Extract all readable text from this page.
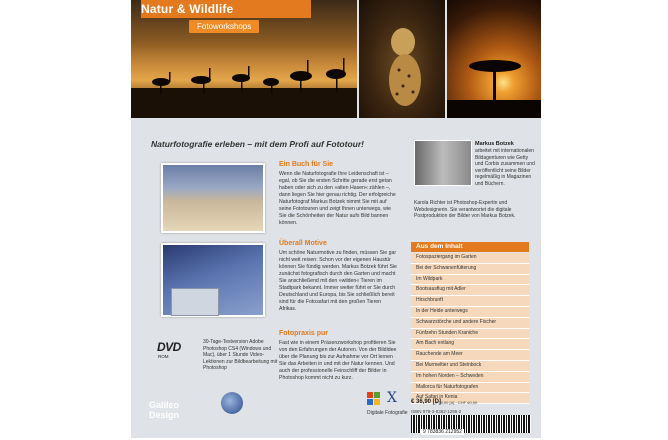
Natur & Wildlife
Fotoworkshops
Naturfotografie erleben – mit dem Profi auf Fototour!
Ein Buch für Sie

Wenn die Naturfotografie Ihre Leidenschaft ist – egal, ob Sie die ersten Schritte gerade erst getan haben oder sich zu den »alten Hasen« zählen –, dann liegen Sie hier genau richtig. Der erfolgreiche Naturfotograf Markus Botzek nimmt Sie mit auf seine Fototouren und zeigt Ihnen unterwegs, wie Sie die Schönheiten der Natur aufs Bild bannen können.

Überall Motive

Um schöne Naturmotive zu finden, müssen Sie gar nicht weit reisen: Schon vor der eigenen Haustür können Sie fündig werden. Markus Botzek führt Sie zunächst fotografisch durch den Garten und macht Sie anschließend mit den »wilden« Tieren im Stadtpark bekannt. Immer weiter führt er Sie durch Deutschland und Europa, bis Sie schließlich bereit sind für die Fotosafari mit den großen Tieren Afrikas.

Fotopraxis pur

Fast wie in einem Präsenzworkshop profitieren Sie von den Erfahrungen der Autoren. Von der Bildidee über die Planung bis zur Aufnahme vor Ort lernen Sie das Arbeiten in und mit der Natur kennen. Und auch der professionelle Feinschliff der Bilder in Photoshop kommt nicht zu kurz.

DVD
ROM

30-Tage-Testversion Adobe Photoshop CS4 (Windows und Mac), über 1 Stunde Video-Lektionen zur Bildbearbeitung mit Photoshop

Galileo Design
Markus Botzek

arbeitet mit internationalen Bildagenturen wie Getty und Corbis zusammen und veröffentlicht seine Bilder regelmäßig in Magazinen und Büchern.

Karola Richter ist Photoshop-Expertin und Webdesignerin. Sie verantwortet die digitale Postproduktion der Bilder von Markus Botzek.

Aus dem Inhalt
Fotospaziergang im Garten
Bei der Schwanenfütterung
Im Wildpark
Bootsausflug mit Adler
Hirschbrunft
In der Heide unterwegs
Schwarzstörche und andere Fischer
Fünfzehn Stunden Kraniche
Am Bach entlang
Rauchende am Meer
Bei Murmeltier und Steinbock
Im hohen Norden – Schweden
Mallorca für Naturfotografen
Auf Safari in Kenia
X
Digitale Fotografie
€ 36,90 [D]
€ 38,00 [A] · CHF 60,90
ISBN 978-3-8362-1295-2
9 783836 212952
